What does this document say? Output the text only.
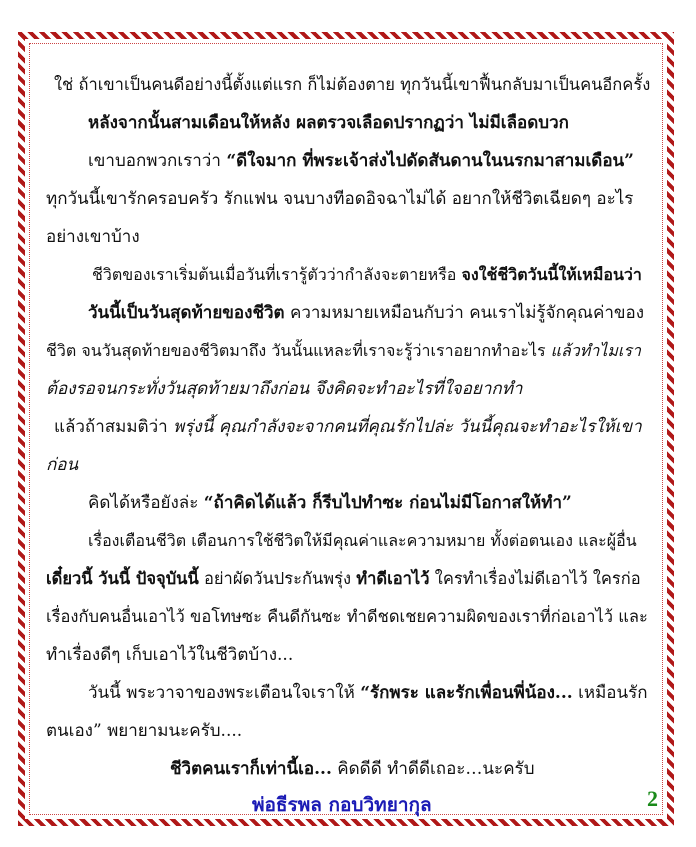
ใช่ ถ้าเขาเป็นคนดีอย่างนี้ตั้งแต่แรก ก็ไม่ต้องตาย ทุกวันนี้เขาฟื้นกลับมาเป็นคนอีกครั้ง
หลังจากนั้นสามเดือนให้หลัง ผลตรวจเลือดปรากฏว่า ไม่มีเลือดบวก
เขาบอกพวกเราว่า “ดีใจมาก ที่พระเจ้าส่งไปดัดสันดานในนรกมาสามเดือน”
ทุกวันนี้เขารักครอบครัว รักแฟน จนบางทีอดอิจฉาไม่ได้ อยากให้ชีวิตเฉียดๆ อะไร
อย่างเขาบ้าง
ชีวิตของเราเริ่มต้นเมื่อวันที่เรารู้ตัวว่ากำลังจะตายหรือ จงใช้ชีวิตวันนี้ให้เหมือนว่า
วันนี้เป็นวันสุดท้ายของชีวิต ความหมายเหมือนกับว่า คนเราไม่รู้จักคุณค่าของ
ชีวิต จนวันสุดท้ายของชีวิตมาถึง วันนั้นแหละที่เราจะรู้ว่าเราอยากทำอะไร แล้วทำไมเรา
ต้องรอจนกระทั่งวันสุดท้ายมาถึงก่อน จึงคิดจะทำอะไรที่ใจอยากทำ
แล้วถ้าสมมติว่า พรุ่งนี้ คุณกำลังจะจากคนที่คุณรักไปล่ะ วันนี้คุณจะทำอะไรให้เขา
ก่อน
คิดได้หรือยังล่ะ “ถ้าคิดได้แล้ว ก็รีบไปทำซะ ก่อนไม่มีโอกาสให้ทำ”
เรื่องเตือนชีวิต เตือนการใช้ชีวิตให้มีคุณค่าและความหมาย ทั้งต่อตนเอง และผู้อื่น
เดี๋ยวนี้ วันนี้ ปัจจุบันนี้ อย่าผัดวันประกันพรุ่ง ทำดีเอาไว้ ใครทำเรื่องไม่ดีเอาไว้ ใครก่อ
เรื่องกับคนอื่นเอาไว้ ขอโทษซะ คืนดีกันซะ ทำดีชดเชยความผิดของเราที่ก่อเอาไว้ และ
ทำเรื่องดีๆ เก็บเอาไว้ในชีวิตบ้าง...
วันนี้ พระวาจาของพระเตือนใจเราให้ “รักพระ และรักเพื่อนพี่น้อง... เหมือนรัก
ตนเอง” พยายามนะครับ....
ชีวิตคนเราก็เท่านี้เอ... คิดดีดี ทำดีดีเถอะ…นะครับ
พ่อธีรพล กอบวิทยากุล	2
